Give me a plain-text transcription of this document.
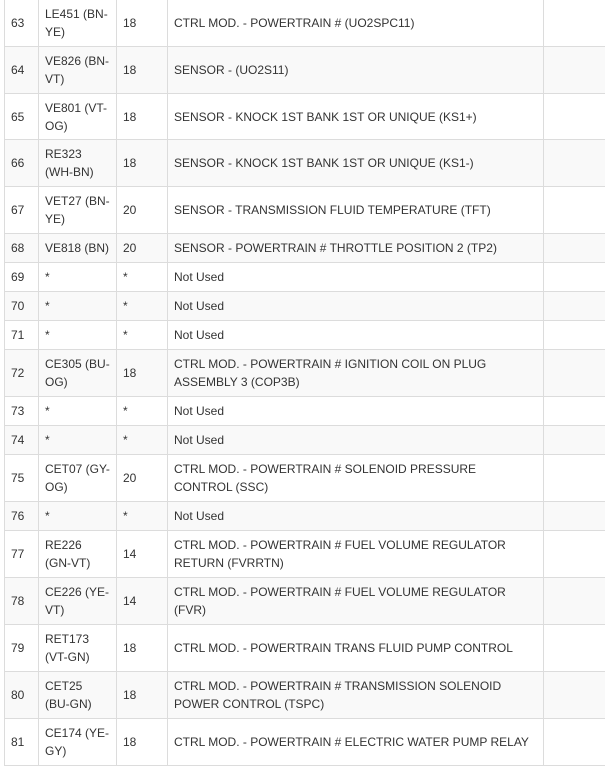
63	LE451 (BN-YE)	18	CTRL MOD. - POWERTRAIN # (UO2SPC11)	
64	VE826 (BN-VT)	18	SENSOR - (UO2S11)	
65	VE801 (VT-OG)	18	SENSOR - KNOCK 1ST BANK 1ST OR UNIQUE (KS1+)	
66	RE323 (WH-BN)	18	SENSOR - KNOCK 1ST BANK 1ST OR UNIQUE (KS1-)	
67	VET27 (BN-YE)	20	SENSOR - TRANSMISSION FLUID TEMPERATURE (TFT)	
68	VE818 (BN)	20	SENSOR - POWERTRAIN # THROTTLE POSITION 2 (TP2)	
69	*	*	Not Used	
70	*	*	Not Used	
71	*	*	Not Used	
72	CE305 (BU-OG)	18	CTRL MOD. - POWERTRAIN # IGNITION COIL ON PLUG ASSEMBLY 3 (COP3B)	
73	*	*	Not Used	
74	*	*	Not Used	
75	CET07 (GY-OG)	20	CTRL MOD. - POWERTRAIN # SOLENOID PRESSURE CONTROL (SSC)	
76	*	*	Not Used	
77	RE226 (GN-VT)	14	CTRL MOD. - POWERTRAIN # FUEL VOLUME REGULATOR RETURN (FVRRTN)	
78	CE226 (YE-VT)	14	CTRL MOD. - POWERTRAIN # FUEL VOLUME REGULATOR (FVR)	
79	RET173 (VT-GN)	18	CTRL MOD. - POWERTRAIN TRANS FLUID PUMP CONTROL	
80	CET25 (BU-GN)	18	CTRL MOD. - POWERTRAIN # TRANSMISSION SOLENOID POWER CONTROL (TSPC)	
81	CE174 (YE-GY)	18	CTRL MOD. - POWERTRAIN # ELECTRIC WATER PUMP RELAY	
